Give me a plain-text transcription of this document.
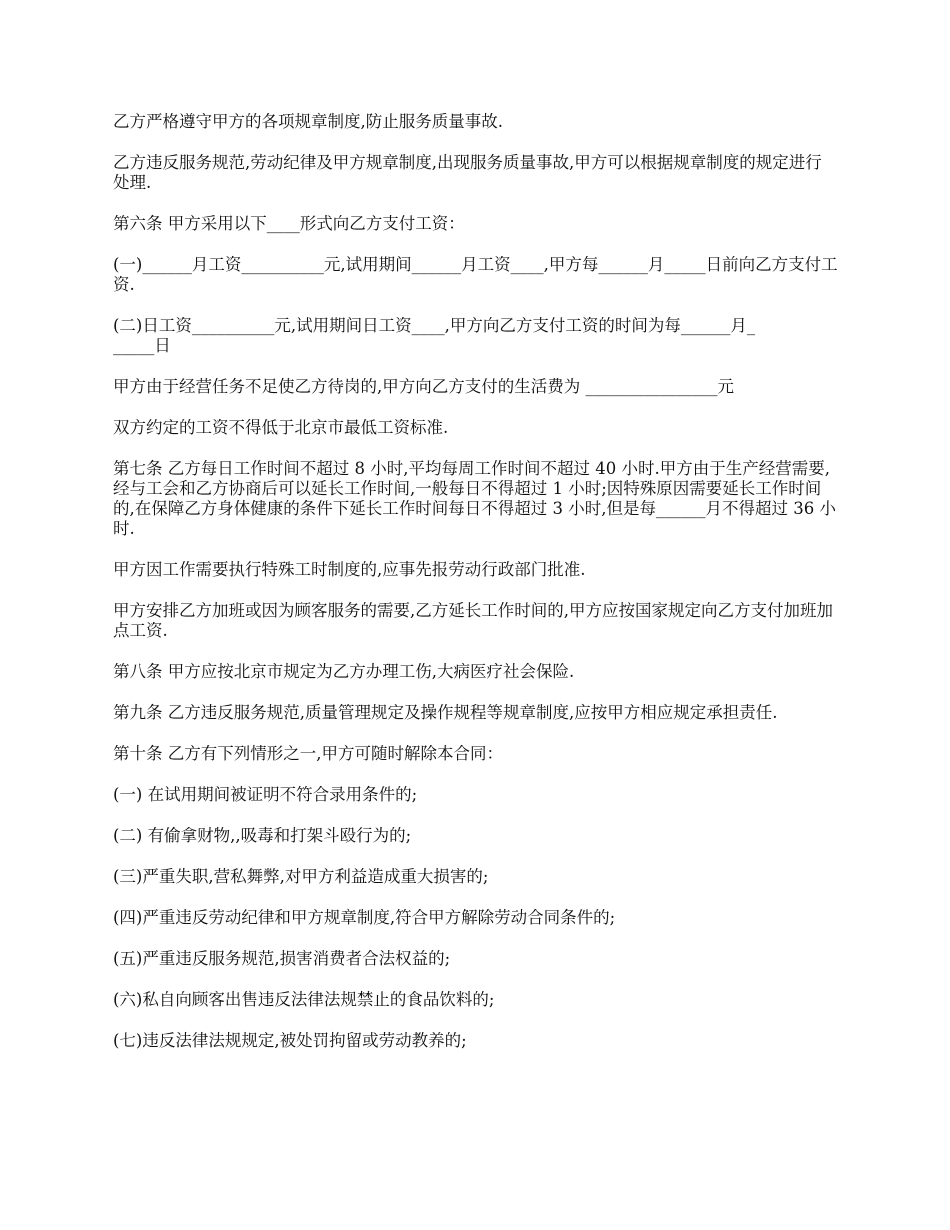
乙方严格遵守甲方的各项规章制度,防止服务质量事故.

乙方违反服务规范,劳动纪律及甲方规章制度,出现服务质量事故,甲方可以根据规章制度的规定进行处理.

第六条 甲方采用以下____形式向乙方支付工资：

(一)______月工资__________元,试用期间______月工资____,甲方每______月_____日前向乙方支付工资.

(二)日工资__________元,试用期间日工资____,甲方向乙方支付工资的时间为每______月_
_____日

甲方由于经营任务不足使乙方待岗的,甲方向乙方支付的生活费为 ________________元

双方约定的工资不得低于北京市最低工资标准.

第七条 乙方每日工作时间不超过 8 小时,平均每周工作时间不超过 40 小时.甲方由于生产经营需要,经与工会和乙方协商后可以延长工作时间,一般每日不得超过 1 小时;因特殊原因需要延长工作时间的,在保障乙方身体健康的条件下延长工作时间每日不得超过 3 小时,但是每______月不得超过 36 小时.

甲方因工作需要执行特殊工时制度的,应事先报劳动行政部门批准.

甲方安排乙方加班或因为顾客服务的需要,乙方延长工作时间的,甲方应按国家规定向乙方支付加班加点工资.

第八条 甲方应按北京市规定为乙方办理工伤,大病医疗社会保险.

第九条 乙方违反服务规范,质量管理规定及操作规程等规章制度,应按甲方相应规定承担责任.

第十条 乙方有下列情形之一,甲方可随时解除本合同：

(一) 在试用期间被证明不符合录用条件的;

(二) 有偷拿财物,,吸毒和打架斗殴行为的;

(三)严重失职,营私舞弊,对甲方利益造成重大损害的;

(四)严重违反劳动纪律和甲方规章制度,符合甲方解除劳动合同条件的;

(五)严重违反服务规范,损害消费者合法权益的;

(六)私自向顾客出售违反法律法规禁止的食品饮料的;

(七)违反法律法规规定,被处罚拘留或劳动教养的;
